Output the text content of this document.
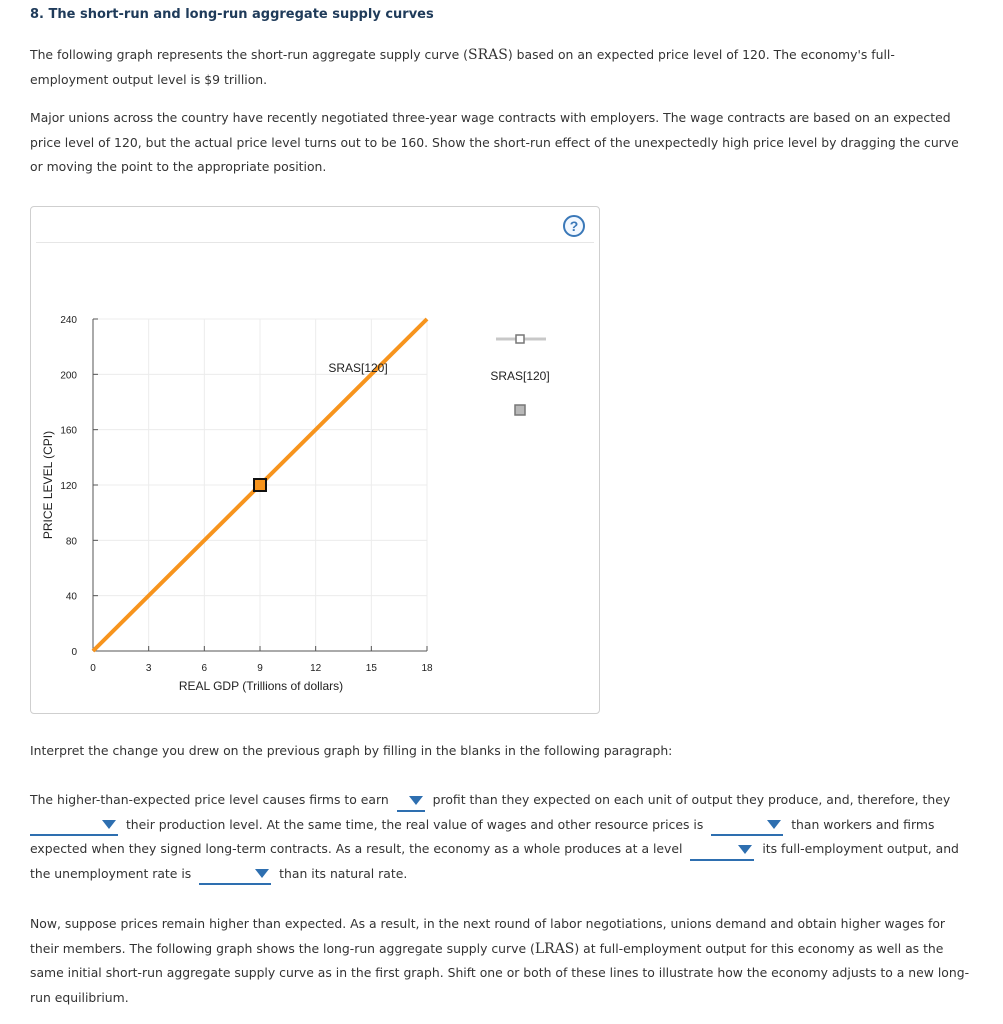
8. The short-run and long-run aggregate supply curves
The following graph represents the short-run aggregate supply curve (SRAS) based on an expected price level of 120. The economy's full-employment output level is $9 trillion.
Major unions across the country have recently negotiated three-year wage contracts with employers. The wage contracts are based on an expected price level of 120, but the actual price level turns out to be 160. Show the short-run effect of the unexpectedly high price level by dragging the curve or moving the point to the appropriate position.
?
0	3	6	9	12	15	18
0
40
80
120
160
200
240
REAL GDP (Trillions of dollars)
PRICE LEVEL (CPI)
SRAS[120]
SRAS[120]
Interpret the change you drew on the previous graph by filling in the blanks in the following paragraph:
The higher-than-expected price level causes firms to earn	profit than they expected on each unit of output they produce, and, therefore, they

their production level. At the same time, the real value of wages and other resource prices is	than workers and firms
expected when they signed long-term contracts. As a result, the economy as a whole produces at a level	its full-employment output, and
the unemployment rate is	than its natural rate.
Now, suppose prices remain higher than expected. As a result, in the next round of labor negotiations, unions demand and obtain higher wages for their members. The following graph shows the long-run aggregate supply curve (LRAS) at full-employment output for this economy as well as the same initial short-run aggregate supply curve as in the first graph. Shift one or both of these lines to illustrate how the economy adjusts to a new long-run equilibrium.
